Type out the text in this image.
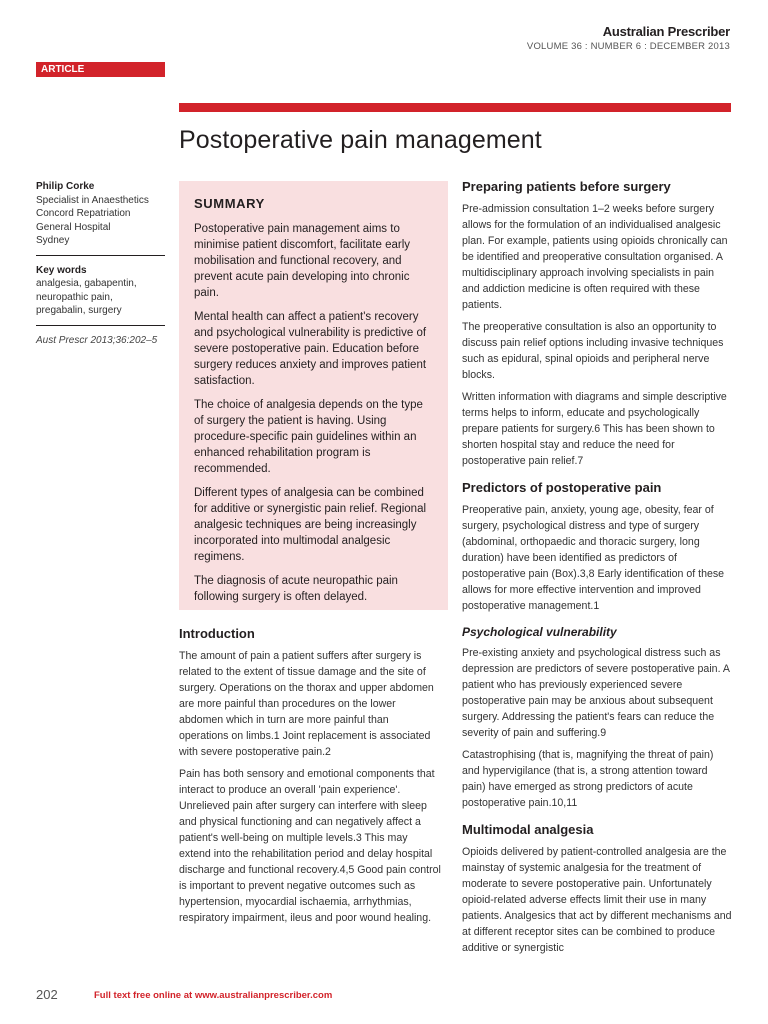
Australian Prescriber
VOLUME 36 : NUMBER 6 : DECEMBER 2013
ARTICLE
Postoperative pain management
Philip Corke
Specialist in Anaesthetics
Concord Repatriation
General Hospital
Sydney
Key words
analgesia, gabapentin,
neuropathic pain,
pregabalin, surgery
Aust Prescr 2013;36:202–5
SUMMARY

Postoperative pain management aims to minimise patient discomfort, facilitate early mobilisation and functional recovery, and prevent acute pain developing into chronic pain.

Mental health can affect a patient's recovery and psychological vulnerability is predictive of severe postoperative pain. Education before surgery reduces anxiety and improves patient satisfaction.

The choice of analgesia depends on the type of surgery the patient is having. Using procedure-specific pain guidelines within an enhanced rehabilitation program is recommended.

Different types of analgesia can be combined for additive or synergistic pain relief. Regional analgesic techniques are being increasingly incorporated into multimodal analgesic regimens.

The diagnosis of acute neuropathic pain following surgery is often delayed.

Introduction

The amount of pain a patient suffers after surgery is related to the extent of tissue damage and the site of surgery. Operations on the thorax and upper abdomen are more painful than procedures on the lower abdomen which in turn are more painful than operations on limbs.1 Joint replacement is associated with severe postoperative pain.2

Pain has both sensory and emotional components that interact to produce an overall 'pain experience'. Unrelieved pain after surgery can interfere with sleep and physical functioning and can negatively affect a patient's well-being on multiple levels.3 This may extend into the rehabilitation period and delay hospital discharge and functional recovery.4,5 Good pain control is important to prevent negative outcomes such as hypertension, myocardial ischaemia, arrhythmias, respiratory impairment, ileus and poor wound healing.

Preparing patients before surgery

Pre-admission consultation 1–2 weeks before surgery allows for the formulation of an individualised analgesic plan. For example, patients using opioids chronically can be identified and preoperative consultation organised. A multidisciplinary approach involving specialists in pain and addiction medicine is often required with these patients.

The preoperative consultation is also an opportunity to discuss pain relief options including invasive techniques such as epidural, spinal opioids and peripheral nerve blocks.

Written information with diagrams and simple descriptive terms helps to inform, educate and psychologically prepare patients for surgery.6 This has been shown to shorten hospital stay and reduce the need for postoperative pain relief.7

Predictors of postoperative pain

Preoperative pain, anxiety, young age, obesity, fear of surgery, psychological distress and type of surgery (abdominal, orthopaedic and thoracic surgery, long duration) have been identified as predictors of postoperative pain (Box).3,8 Early identification of these allows for more effective intervention and improved postoperative management.1

Psychological vulnerability

Pre-existing anxiety and psychological distress such as depression are predictors of severe postoperative pain. A patient who has previously experienced severe postoperative pain may be anxious about subsequent surgery. Addressing the patient's fears can reduce the severity of pain and suffering.9

Catastrophising (that is, magnifying the threat of pain) and hypervigilance (that is, a strong attention toward pain) have emerged as strong predictors of acute postoperative pain.10,11

Multimodal analgesia

Opioids delivered by patient-controlled analgesia are the mainstay of systemic analgesia for the treatment of moderate to severe postoperative pain. Unfortunately opioid-related adverse effects limit their use in many patients. Analgesics that act by different mechanisms and at different receptor sites can be combined to produce additive or synergistic

202	Full text free online at www.australianprescriber.com
